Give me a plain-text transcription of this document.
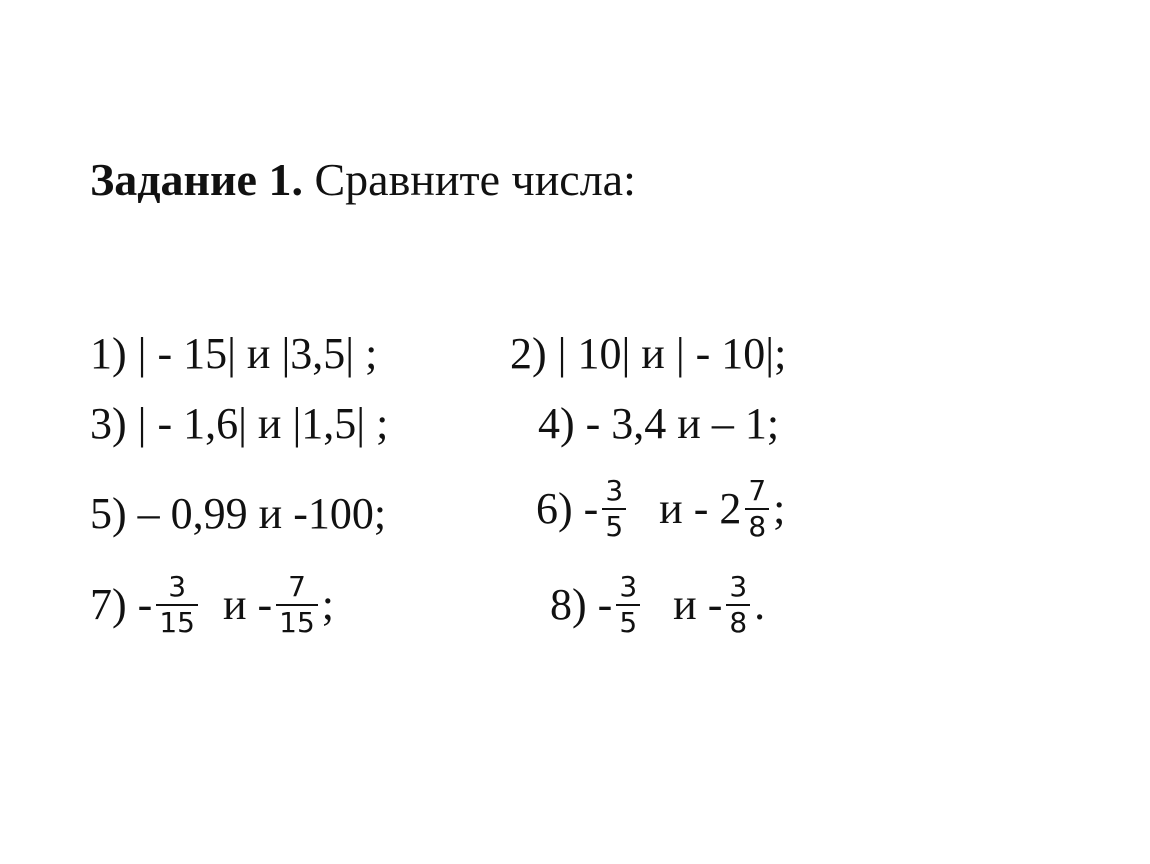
Задание 1. Сравните числа:
1) | - 15| и |3,5| ;	2) | 10| и | - 10|;
3) | - 1,6| и |1,5| ;	4) - 3,4 и – 1;
5) – 0,99 и -100;	$6) - \frac{3}{5}$ и - $2 \frac{7}{8}$ ;
$7) - \frac{3}{15}$ и - $\frac{7}{15}$ ;	$8) - \frac{3}{5}$ и - $\frac{3}{8}$ .
